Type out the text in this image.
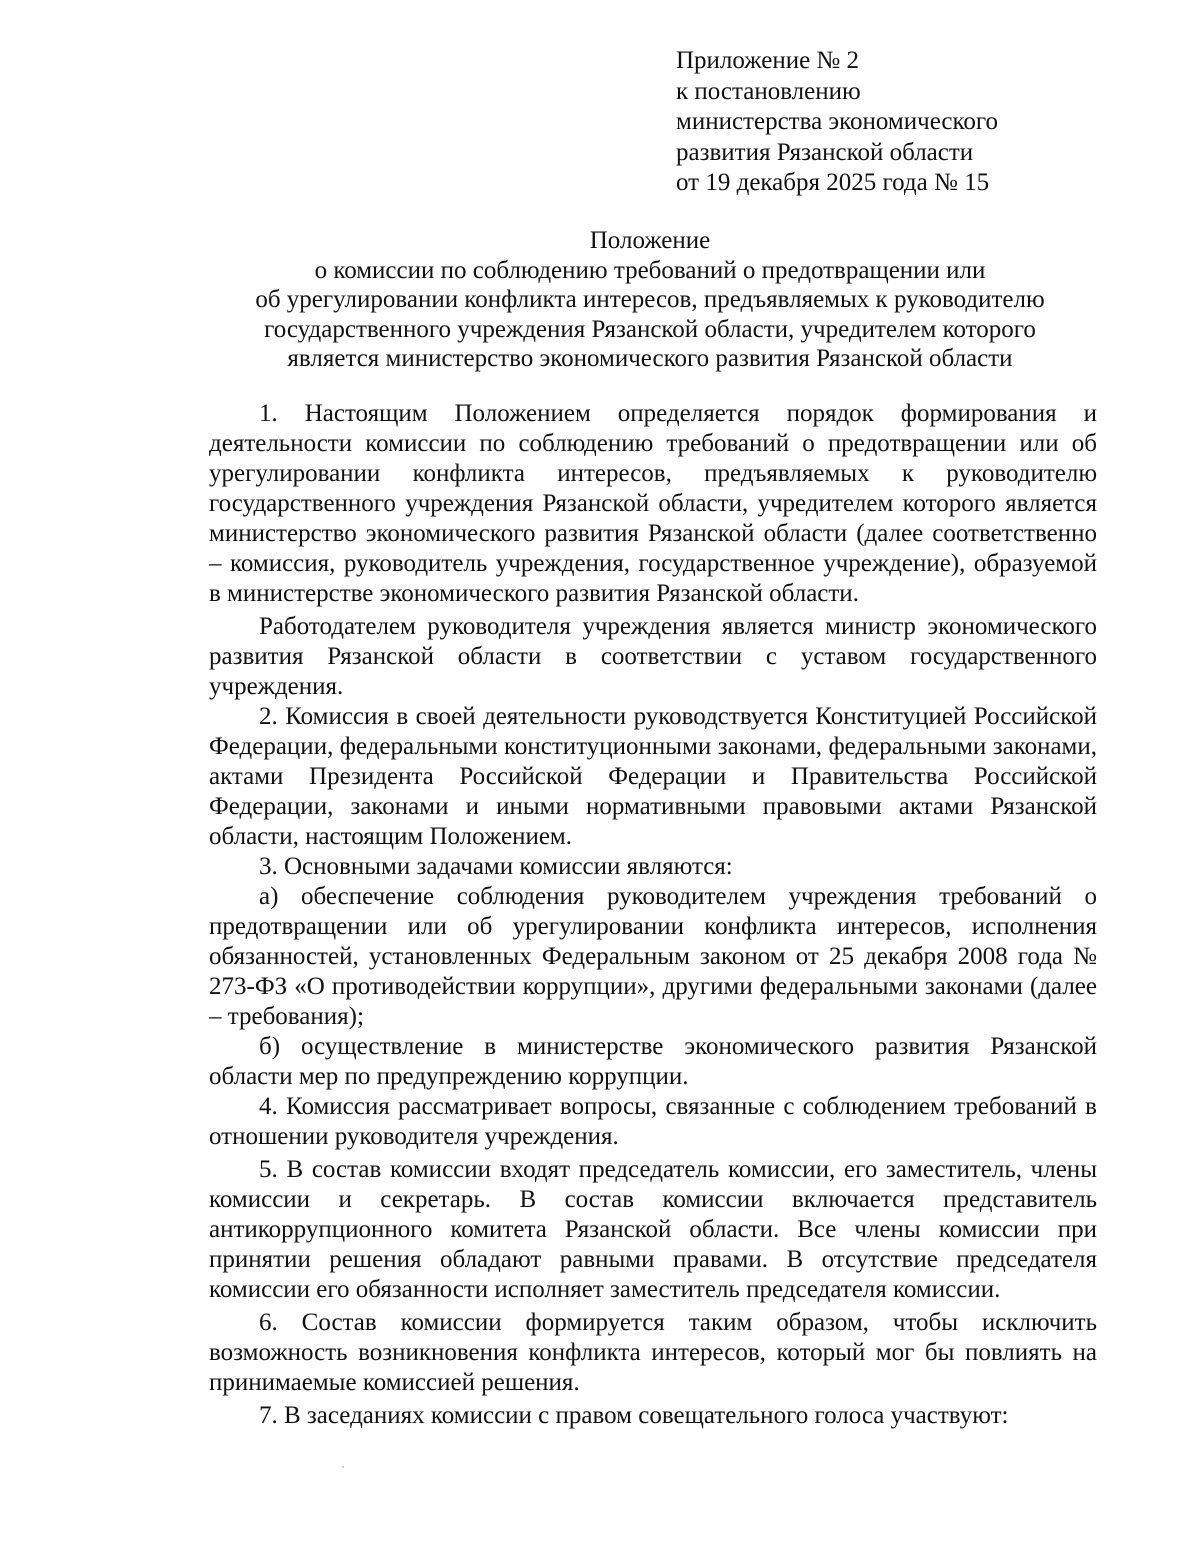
Приложение № 2
к постановлению
министерства экономического
развития Рязанской области
от 19 декабря 2025 года № 15
Положение
о комиссии по соблюдению требований о предотвращении или
об урегулировании конфликта интересов, предъявляемых к руководителю
государственного учреждения Рязанской области, учредителем которого
является министерство экономического развития Рязанской области

1. Настоящим Положением определяется порядок формирования и деятельности комиссии по соблюдению требований о предотвращении или об урегулировании конфликта интересов, предъявляемых к руководителю государственного учреждения Рязанской области, учредителем которого является министерство экономического развития Рязанской области (далее соответственно – комиссия, руководитель учреждения, государственное учреждение), образуемой в министерстве экономического развития Рязанской области.

Работодателем руководителя учреждения является министр экономического развития Рязанской области в соответствии с уставом государственного учреждения.

2. Комиссия в своей деятельности руководствуется Конституцией Российской Федерации, федеральными конституционными законами, федеральными законами, актами Президента Российской Федерации и Правительства Российской Федерации, законами и иными нормативными правовыми актами Рязанской области, настоящим Положением.

3. Основными задачами комиссии являются:

а) обеспечение соблюдения руководителем учреждения требований о предотвращении или об урегулировании конфликта интересов, исполнения обязанностей, установленных Федеральным законом от 25 декабря 2008 года № 273-ФЗ «О противодействии коррупции», другими федеральными законами (далее – требования);

б) осуществление в министерстве экономического развития Рязанской области мер по предупреждению коррупции.

4. Комиссия рассматривает вопросы, связанные с соблюдением требований в отношении руководителя учреждения.

5. В состав комиссии входят председатель комиссии, его заместитель, члены комиссии и секретарь. В состав комиссии включается представитель антикоррупционного комитета Рязанской области. Все члены комиссии при принятии решения обладают равными правами. В отсутствие председателя комиссии его обязанности исполняет заместитель председателя комиссии.

6. Состав комиссии формируется таким образом, чтобы исключить возможность возникновения конфликта интересов, который мог бы повлиять на принимаемые комиссией решения.

7. В заседаниях комиссии с правом совещательного голоса участвуют:
